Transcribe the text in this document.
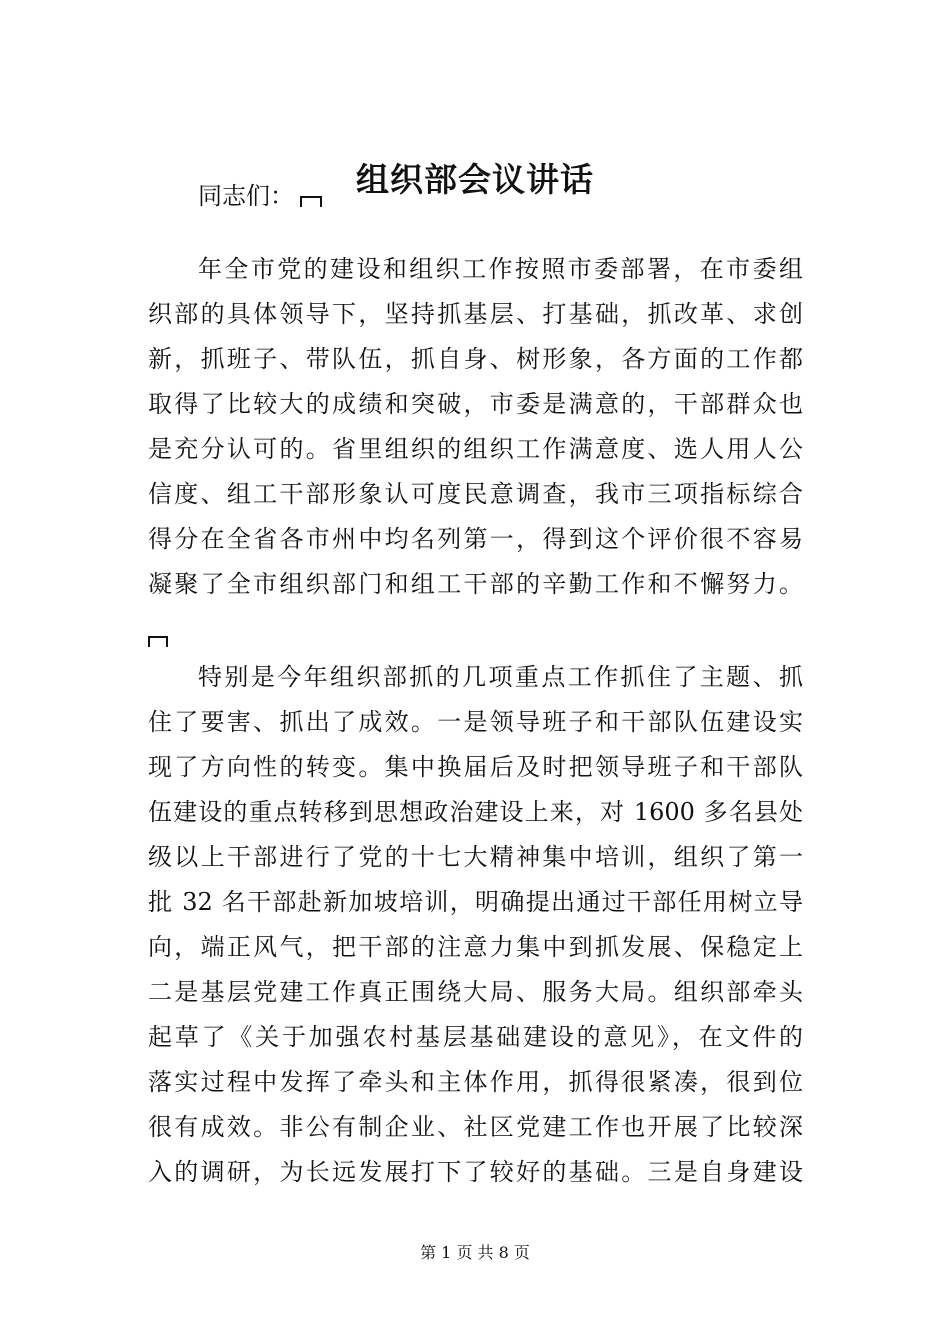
组织部会议讲话
同志们：
年全市党的建设和组织工作按照市委部署，在市委组
织部的具体领导下，坚持抓基层、打基础，抓改革、求创
新，抓班子、带队伍，抓自身、树形象，各方面的工作都
取得了比较大的成绩和突破，市委是满意的，干部群众也
是充分认可的。省里组织的组织工作满意度、选人用人公
信度、组工干部形象认可度民意调查，我市三项指标综合
得分在全省各市州中均名列第一，得到这个评价很不容易
凝聚了全市组织部门和组工干部的辛勤工作和不懈努力。
特别是今年组织部抓的几项重点工作抓住了主题、抓
住了要害、抓出了成效。一是领导班子和干部队伍建设实
现了方向性的转变。集中换届后及时把领导班子和干部队
伍建设的重点转移到思想政治建设上来，对 1600 多名县处
级以上干部进行了党的十七大精神集中培训，组织了第一
批 32 名干部赴新加坡培训，明确提出通过干部任用树立导
向，端正风气，把干部的注意力集中到抓发展、保稳定上
二是基层党建工作真正围绕大局、服务大局。组织部牵头
起草了《关于加强农村基层基础建设的意见》，在文件的
落实过程中发挥了牵头和主体作用，抓得很紧凑，很到位
很有成效。非公有制企业、社区党建工作也开展了比较深
入的调研，为长远发展打下了较好的基础。三是自身建设
第 1 页 共 8 页
